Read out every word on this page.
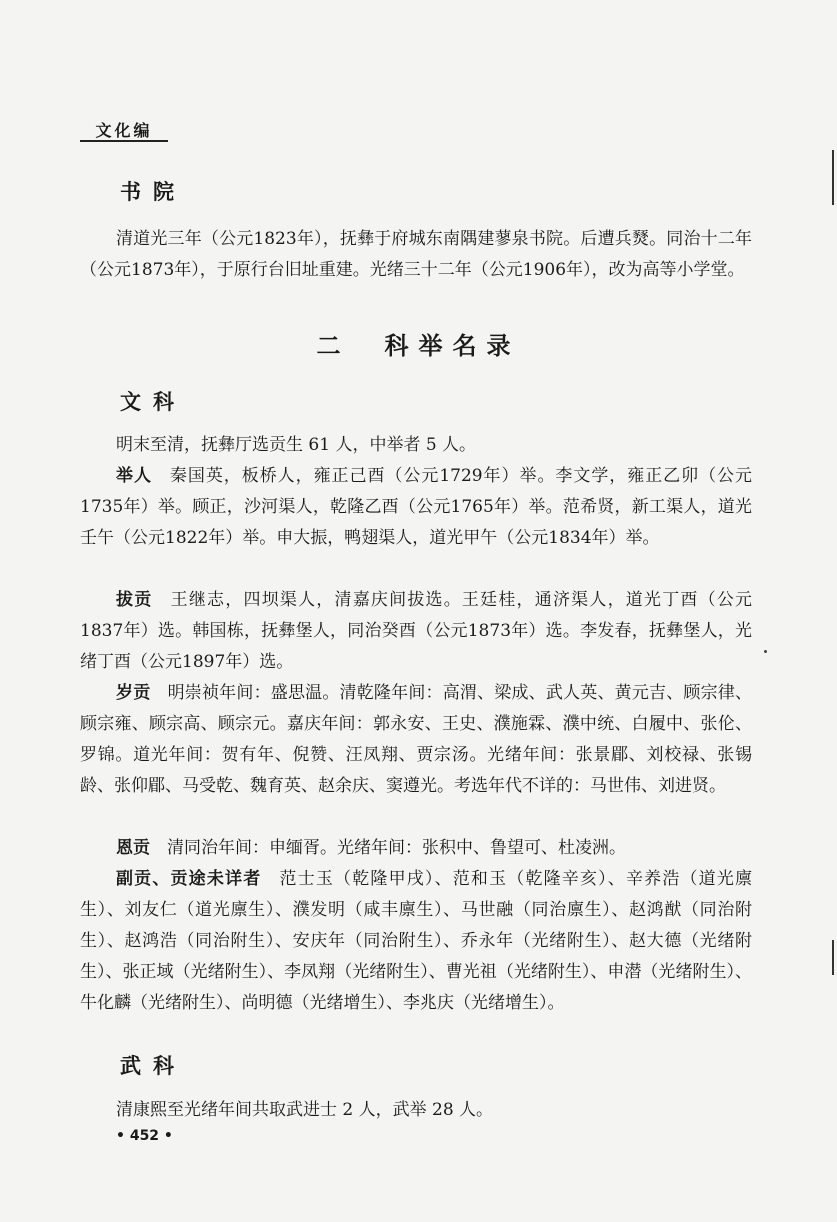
文化编
书院
清道光三年（公元1823年），抚彝于府城东南隅建蓼泉书院。后遭兵燹。同治十二年（公元1873年），于原行台旧址重建。光绪三十二年（公元1906年），改为高等小学堂。
二　科举名录
文科
明末至清，抚彝厅选贡生 61 人，中举者 5 人。
举人　 秦国英，板桥人，雍正己酉（公元1729年）举。李文学，雍正乙卯（公元1735年）举。顾正，沙河渠人，乾隆乙酉（公元1765年）举。范希贤，新工渠人，道光壬午（公元1822年）举。申大振，鸭翅渠人，道光甲午（公元1834年）举。
拔贡　 王继志，四坝渠人，清嘉庆间拔选。王廷桂，通济渠人，道光丁酉（公元1837年）选。韩国栋，抚彝堡人，同治癸酉（公元1873年）选。李发春，抚彝堡人，光绪丁酉（公元1897年）选。
岁贡　 明崇祯年间：盛思温。清乾隆年间：高渭、梁成、武人英、黄元吉、顾宗律、顾宗雍、顾宗高、顾宗元。嘉庆年间：郭永安、王史、濮施霖、濮中统、白履中、张伦、罗锦。道光年间：贺有年、倪赞、汪凤翔、贾宗汤。光绪年间：张景郿、刘校禄、张锡龄、张仰郿、马受乾、魏育英、赵余庆、窦遵光。考选年代不详的：马世伟、刘进贤。
恩贡　 清同治年间：申缅胥。光绪年间：张积中、鲁望可、杜凌洲。
副贡、贡途未详者　 范士玉（乾隆甲戌）、范和玉（乾隆辛亥）、辛养浩（道光廪生）、刘友仁（道光廪生）、濮发明（咸丰廪生）、马世融（同治廪生）、赵鸿猷（同治附生）、赵鸿浩（同治附生）、安庆年（同治附生）、乔永年（光绪附生）、赵大德（光绪附生）、张正域（光绪附生）、李凤翔（光绪附生）、曹光祖（光绪附生）、申潜（光绪附生）、牛化麟（光绪附生）、尚明德（光绪增生）、李兆庆（光绪增生）。
武科
清康熙至光绪年间共取武进士 2 人，武举 28 人。
• 452 •
